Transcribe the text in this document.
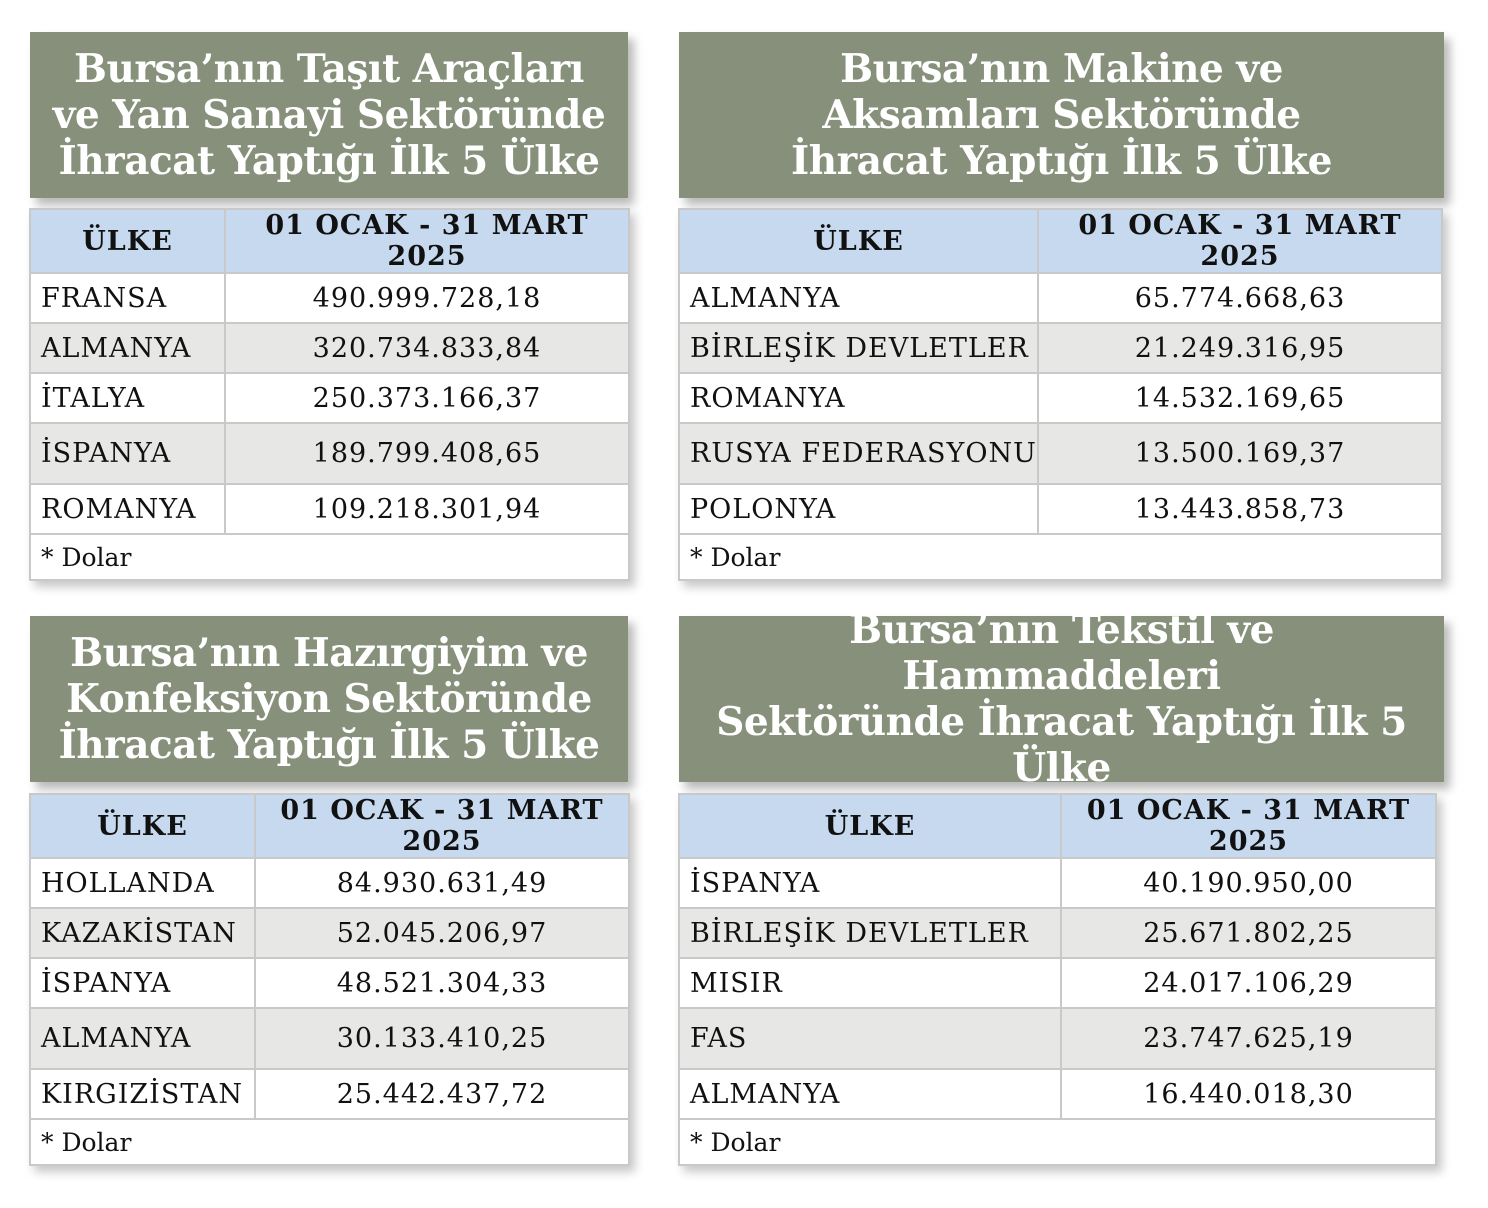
Bursa’nın Taşıt Araçları
ve Yan Sanayi Sektöründe
İhracat Yaptığı İlk 5 Ülke
ÜLKE	01 OCAK - 31 MART 2025
FRANSA	490.999.728,18
ALMANYA	320.734.833,84
İTALYA	250.373.166,37
İSPANYA	189.799.408,65
ROMANYA	109.218.301,94
* Dolar	
Bursa’nın Makine ve
Aksamları Sektöründe
İhracat Yaptığı İlk 5 Ülke
ÜLKE	01 OCAK - 31 MART 2025
ALMANYA	65.774.668,63
BİRLEŞİK DEVLETLER	21.249.316,95
ROMANYA	14.532.169,65
RUSYA FEDERASYONU	13.500.169,37
POLONYA	13.443.858,73
* Dolar	
Bursa’nın Hazırgiyim ve
Konfeksiyon Sektöründe
İhracat Yaptığı İlk 5 Ülke
ÜLKE	01 OCAK - 31 MART 2025
HOLLANDA	84.930.631,49
KAZAKİSTAN	52.045.206,97
İSPANYA	48.521.304,33
ALMANYA	30.133.410,25
KIRGIZİSTAN	25.442.437,72
* Dolar	
Bursa’nın Tekstil ve Hammaddeleri
Sektöründe İhracat Yaptığı İlk 5 Ülke
ÜLKE	01 OCAK - 31 MART 2025
İSPANYA	40.190.950,00
BİRLEŞİK DEVLETLER	25.671.802,25
MISIR	24.017.106,29
FAS	23.747.625,19
ALMANYA	16.440.018,30
* Dolar	
